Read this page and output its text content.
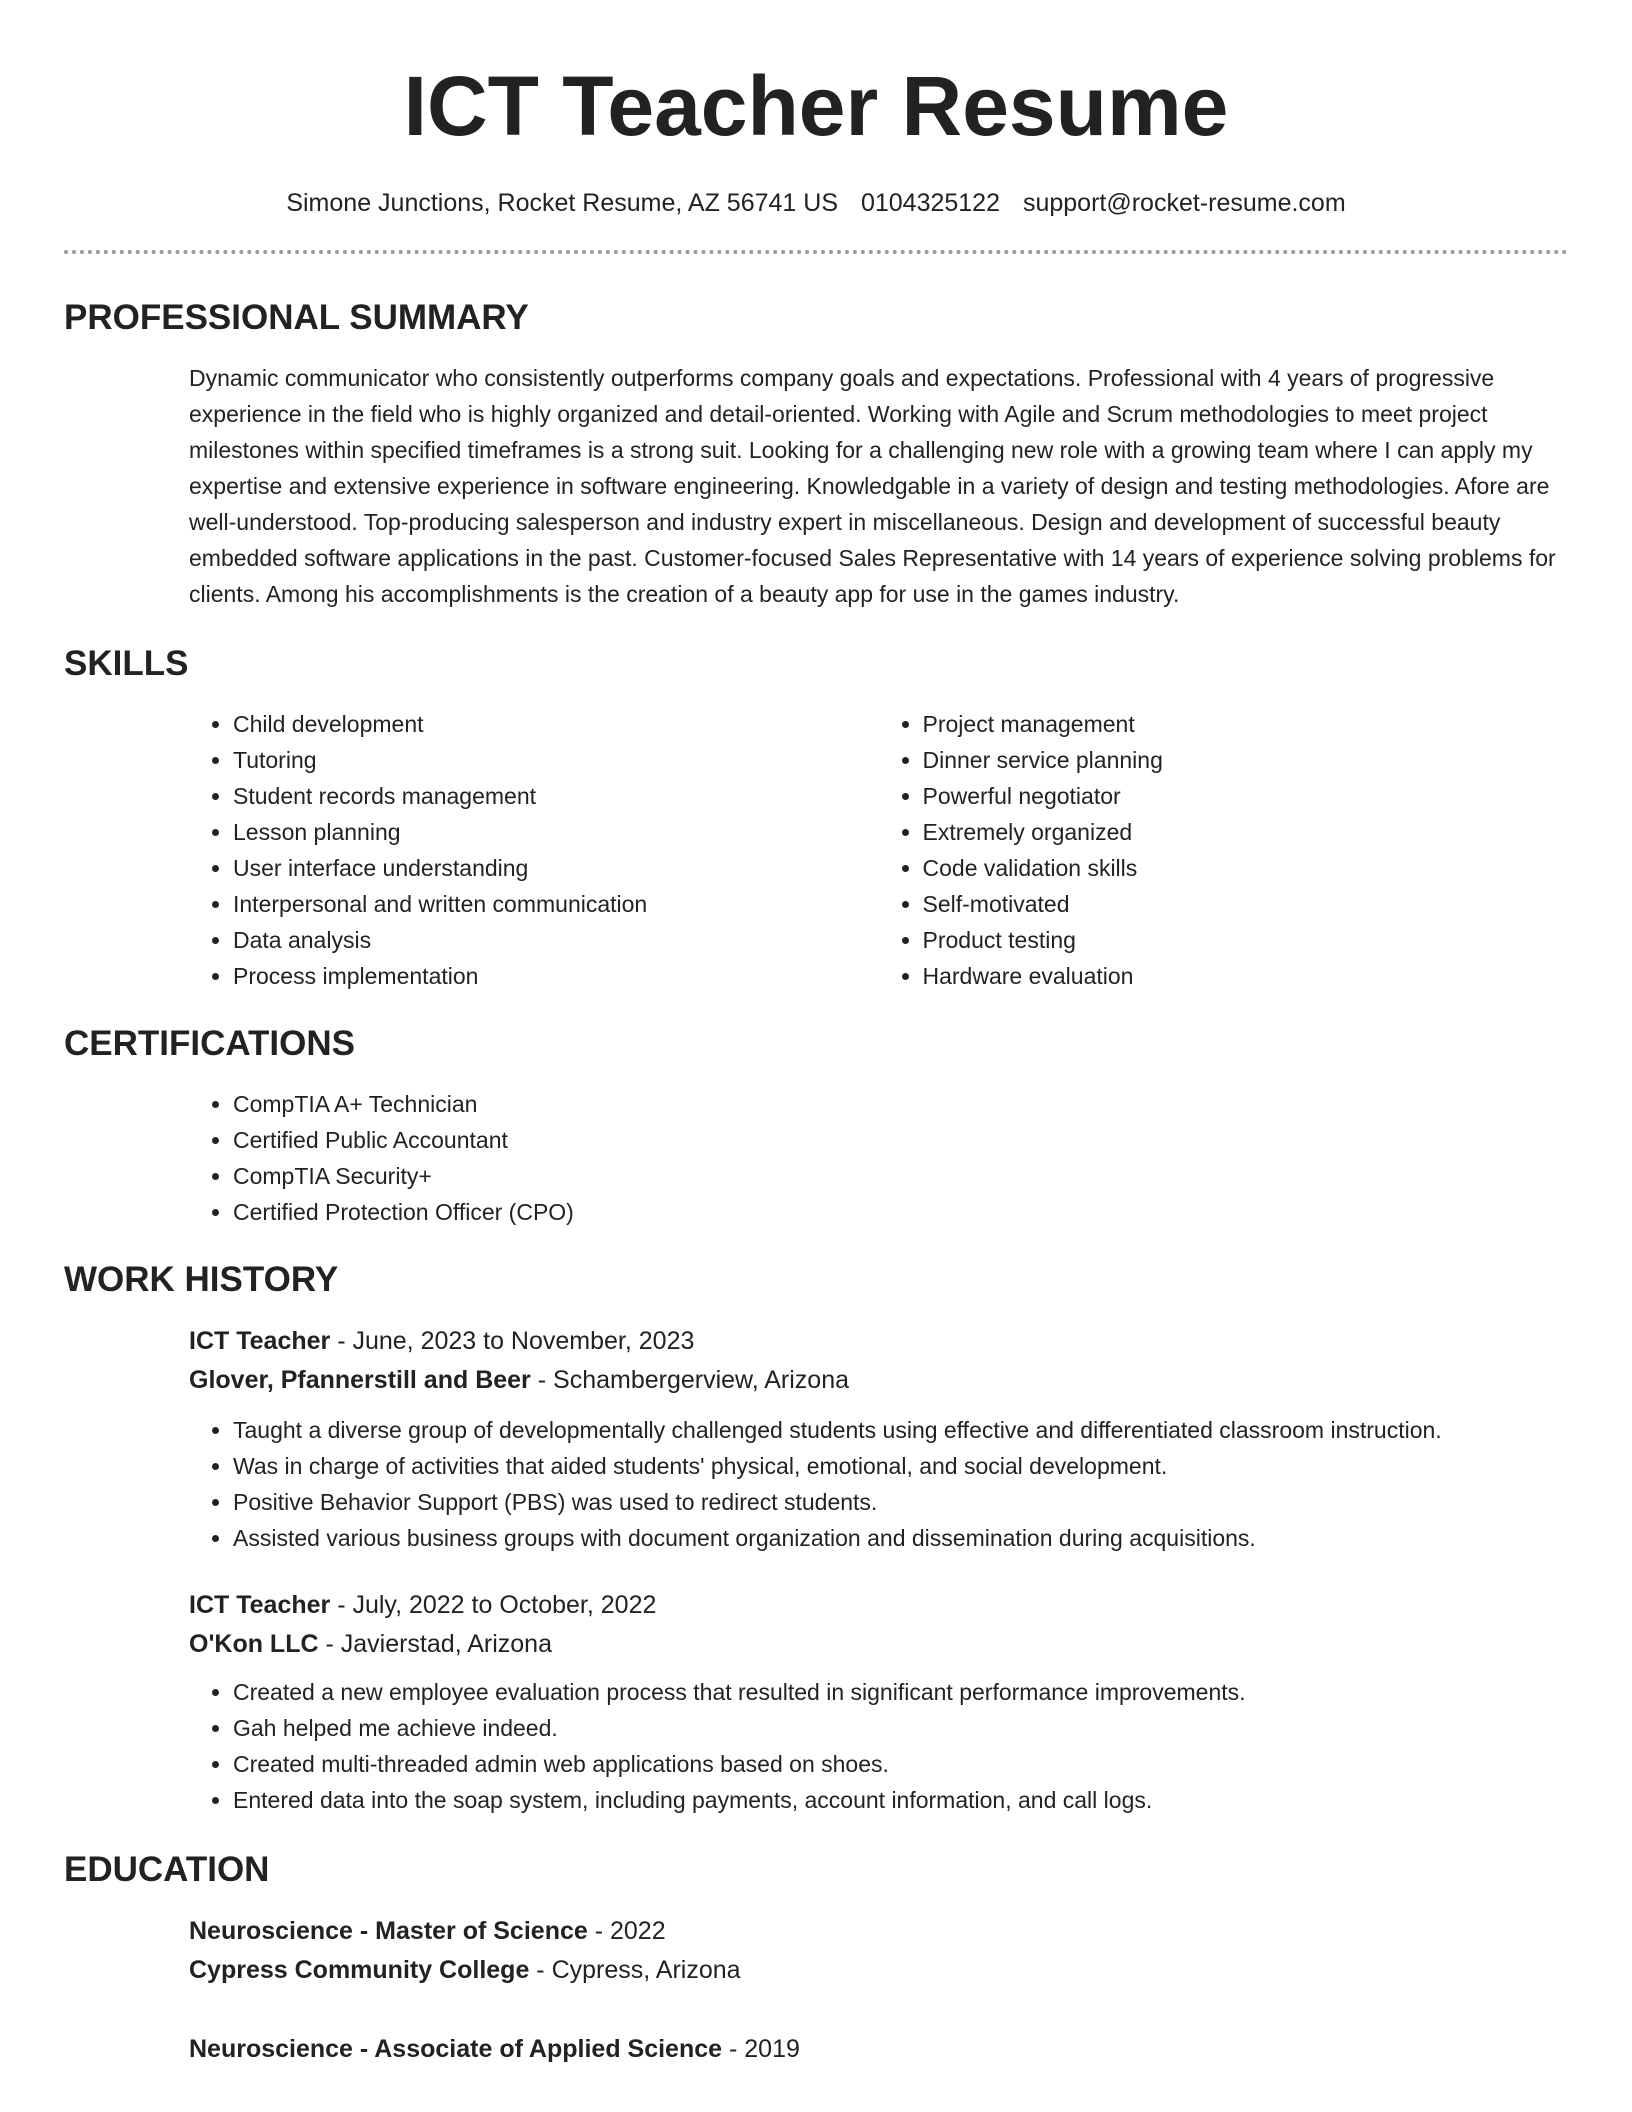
ICT Teacher Resume
Simone Junctions, Rocket Resume, AZ 56741 US 0104325122 support@rocket-resume.com
PROFESSIONAL SUMMARY

Dynamic communicator who consistently outperforms company goals and expectations. Professional with 4 years of progressive experience in the field who is highly organized and detail-oriented. Working with Agile and Scrum methodologies to meet project milestones within specified timeframes is a strong suit. Looking for a challenging new role with a growing team where I can apply my expertise and extensive experience in software engineering. Knowledgable in a variety of design and testing methodologies. Afore are well-understood. Top-producing salesperson and industry expert in miscellaneous. Design and development of successful beauty embedded software applications in the past. Customer-focused Sales Representative with 14 years of experience solving problems for clients. Among his accomplishments is the creation of a beauty app for use in the games industry.

SKILLS
• Child development
• Tutoring
• Student records management
• Lesson planning
• User interface understanding
• Interpersonal and written communication
• Data analysis
• Process implementation
• Project management
• Dinner service planning
• Powerful negotiator
• Extremely organized
• Code validation skills
• Self-motivated
• Product testing
• Hardware evaluation
CERTIFICATIONS
• CompTIA A+ Technician
• Certified Public Accountant
• CompTIA Security+
• Certified Protection Officer (CPO)
WORK HISTORY
ICT Teacher - June, 2023 to November, 2023
Glover, Pfannerstill and Beer - Schambergerview, Arizona
• Taught a diverse group of developmentally challenged students using effective and differentiated classroom instruction.
• Was in charge of activities that aided students' physical, emotional, and social development.
• Positive Behavior Support (PBS) was used to redirect students.
• Assisted various business groups with document organization and dissemination during acquisitions.
ICT Teacher - July, 2022 to October, 2022
O'Kon LLC - Javierstad, Arizona
• Created a new employee evaluation process that resulted in significant performance improvements.
• Gah helped me achieve indeed.
• Created multi-threaded admin web applications based on shoes.
• Entered data into the soap system, including payments, account information, and call logs.
EDUCATION
Neuroscience - Master of Science - 2022
Cypress Community College - Cypress, Arizona
Neuroscience - Associate of Applied Science - 2019
